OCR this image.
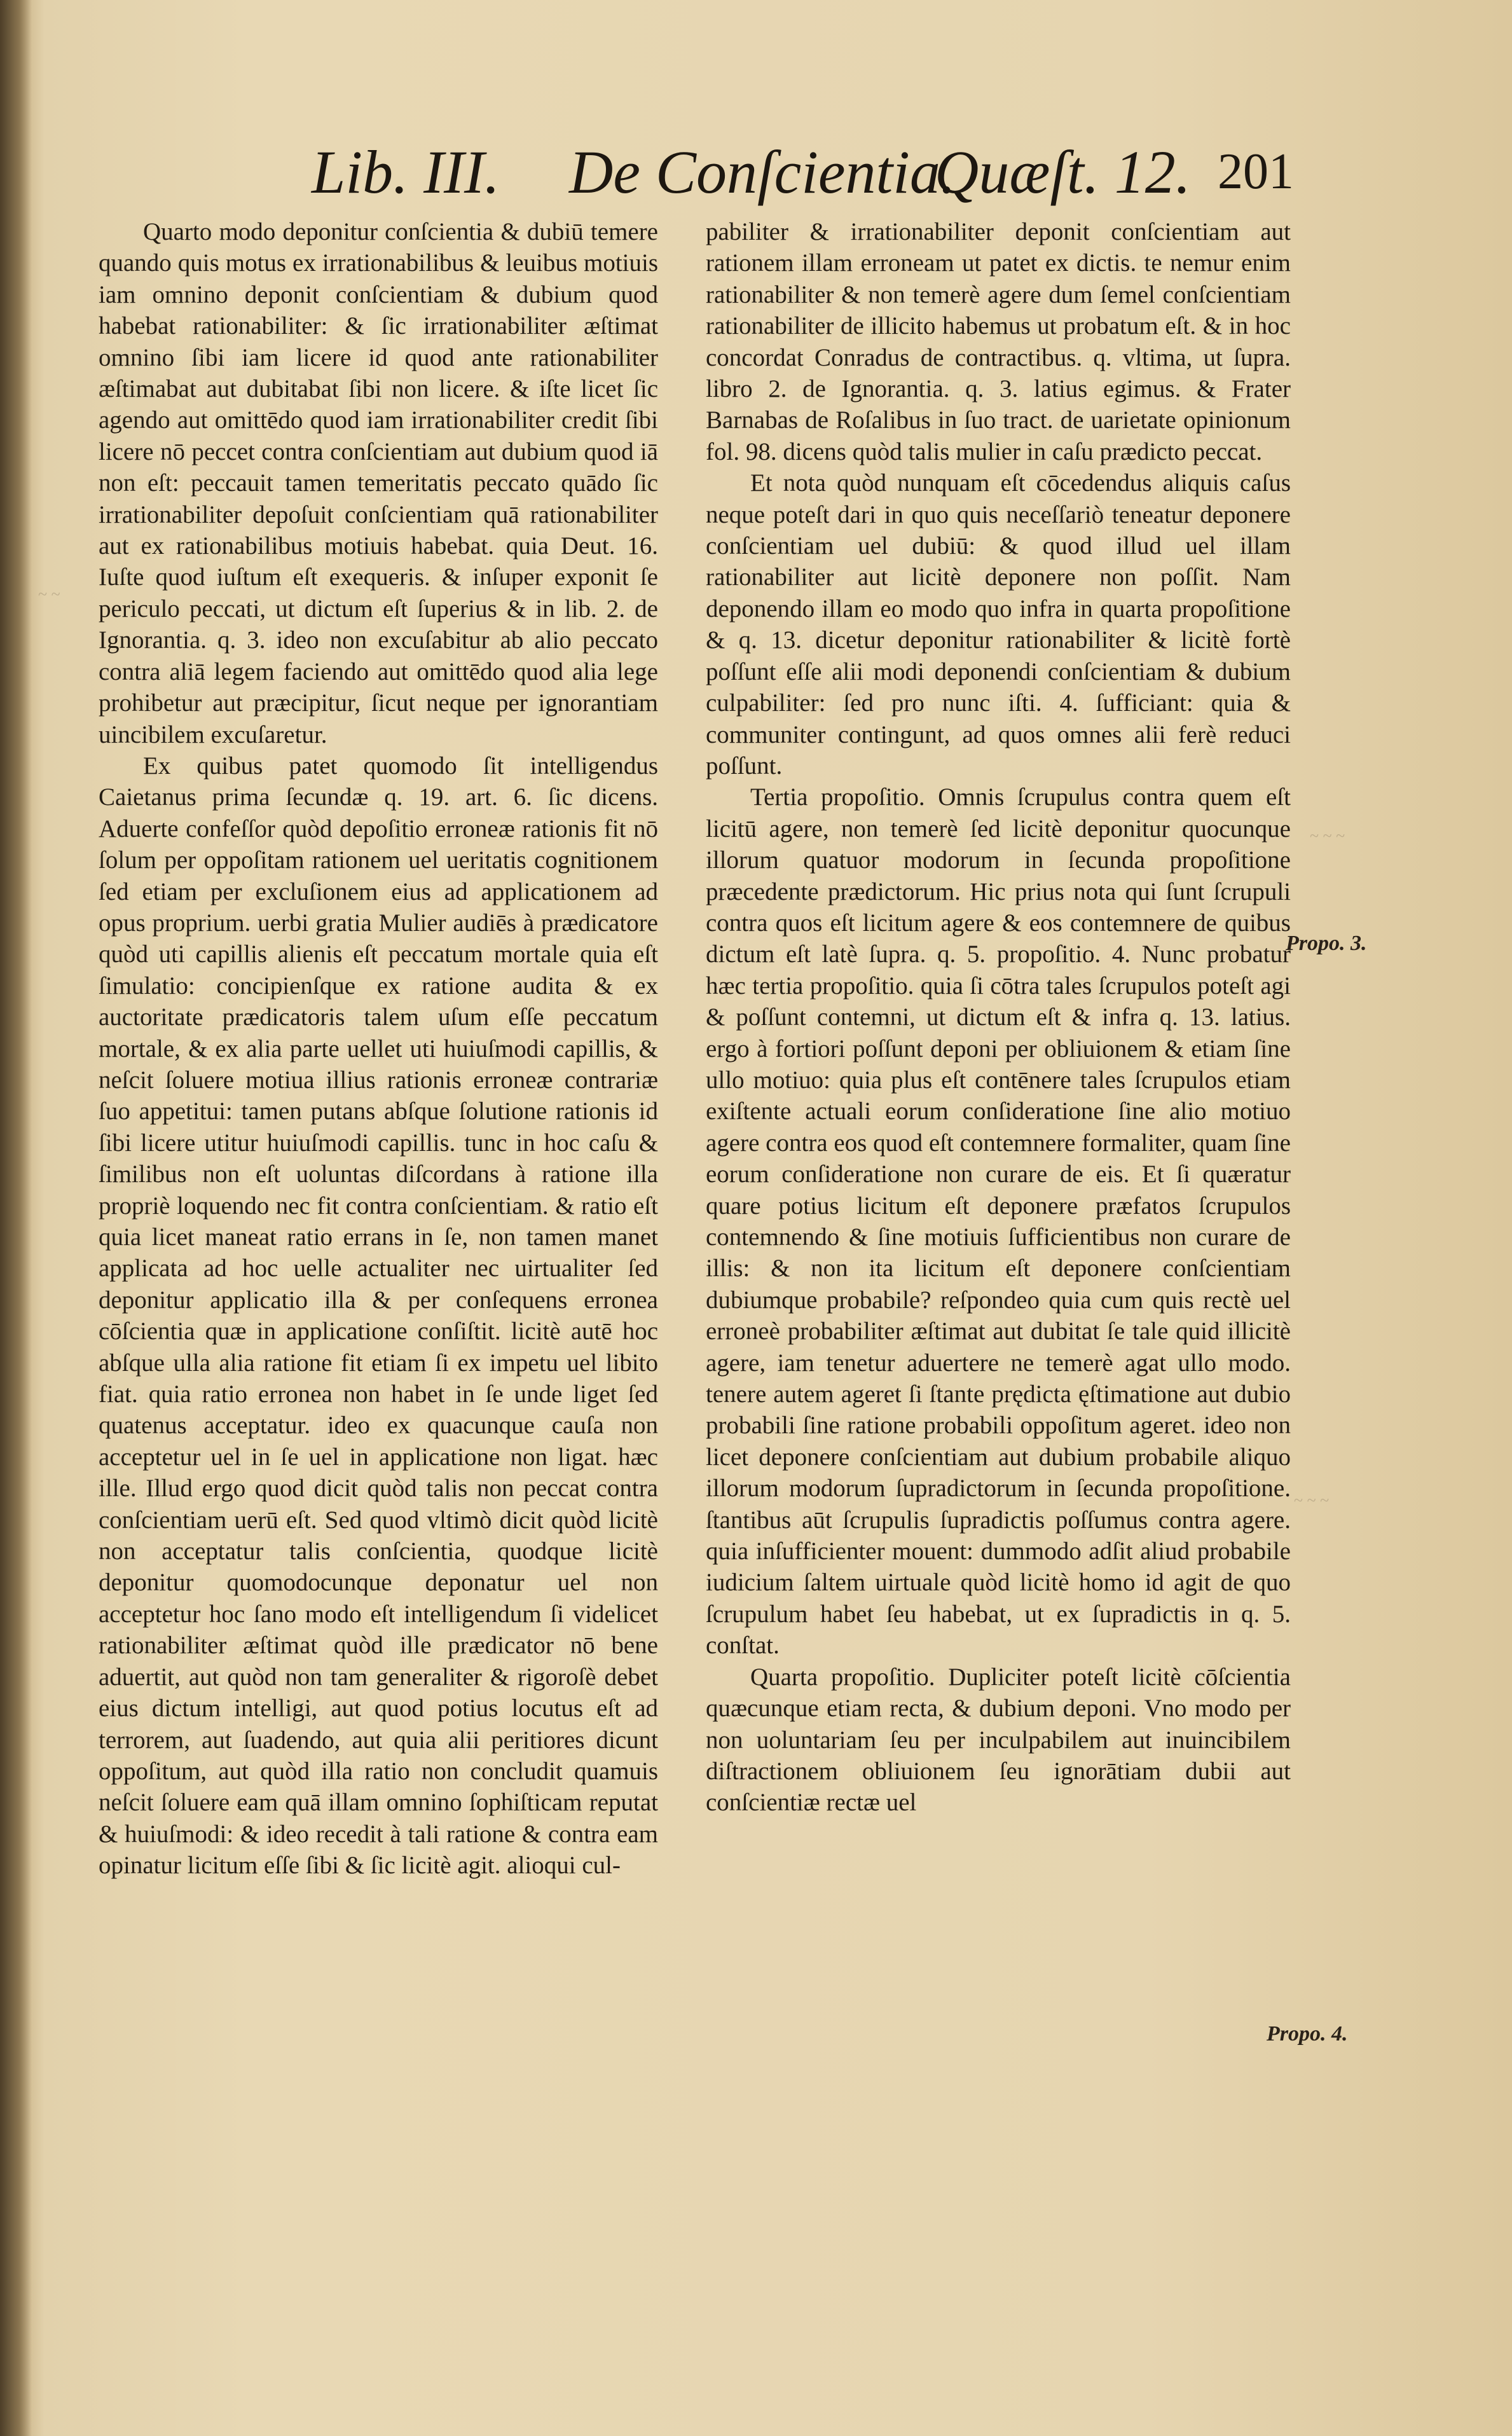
Lib. III. De Conſcientia.
Quæſt. 12. 201

Quarto modo deponitur conſcientia & dubiū temere quando quis motus ex irrationabilibus & leuibus motiuis iam omnino deponit conſcientiam & dubium quod habebat rationabiliter: & ſic irrationabiliter æſtimat omnino ſibi iam licere id quod ante rationabiliter æſtimabat aut dubitabat ſibi non licere. & iſte licet ſic agendo aut omittēdo quod iam irrationabiliter credit ſibi licere nō peccet contra conſcientiam aut dubium quod iā non eſt: peccauit tamen temeritatis peccato quādo ſic irrationabiliter depoſuit conſcientiam quā rationabiliter aut ex rationabilibus motiuis habebat. quia Deut. 16. Iuſte quod iuſtum eſt exequeris. & inſuper exponit ſe periculo peccati, ut dictum eſt ſuperius & in lib. 2. de Ignorantia. q. 3. ideo non excuſabitur ab alio peccato contra aliā legem faciendo aut omittēdo quod alia lege prohibetur aut præcipitur, ſicut neque per ignorantiam uincibilem excuſaretur.

Ex quibus patet quomodo ſit intelligendus Caietanus prima ſecundæ q. 19. art. 6. ſic dicens. Aduerte confeſſor quòd depoſitio erroneæ rationis fit nō ſolum per oppoſitam rationem uel ueritatis cognitionem ſed etiam per excluſionem eius ad applicationem ad opus proprium. uerbi gratia Mulier audiēs à prædicatore quòd uti capillis alienis eſt peccatum mortale quia eſt ſimulatio: concipienſque ex ratione audita & ex auctoritate prædicatoris talem uſum eſſe peccatum mortale, & ex alia parte uellet uti huiuſmodi capillis, & neſcit ſoluere motiua illius rationis erroneæ contrariæ ſuo appetitui: tamen putans abſque ſolutione rationis id ſibi licere utitur huiuſmodi capillis. tunc in hoc caſu & ſimilibus non eſt uoluntas diſcordans à ratione illa propriè loquendo nec fit contra conſcientiam. & ratio eſt quia licet maneat ratio errans in ſe, non tamen manet applicata ad hoc uelle actualiter nec uirtualiter ſed deponitur applicatio illa & per conſequens erronea cōſcientia quæ in applicatione conſiſtit. licitè autē hoc abſque ulla alia ratione fit etiam ſi ex impetu uel libito fiat. quia ratio erronea non habet in ſe unde liget ſed quatenus acceptatur. ideo ex quacunque cauſa non acceptetur uel in ſe uel in applicatione non ligat. hæc ille. Illud ergo quod dicit quòd talis non peccat contra conſcientiam uerū eſt. Sed quod vltimò dicit quòd licitè non acceptatur talis conſcientia, quodque licitè deponitur quomodocunque deponatur uel non acceptetur hoc ſano modo eſt intelligendum ſi videlicet rationabiliter æſtimat quòd ille prædicator nō bene aduertit, aut quòd non tam generaliter & rigoroſè debet eius dictum intelligi, aut quod potius locutus eſt ad terrorem, aut ſuadendo, aut quia alii peritiores dicunt oppoſitum, aut quòd illa ratio non concludit quamuis neſcit ſoluere eam quā illam omnino ſophiſticam reputat & huiuſmodi: & ideo recedit à tali ratione & contra eam opinatur licitum eſſe ſibi & ſic licitè agit. alioqui cul-

pabiliter & irrationabiliter deponit conſcientiam aut rationem illam erroneam ut patet ex dictis. te nemur enim rationabiliter & non temerè agere dum ſemel conſcientiam rationabiliter de illicito habemus ut probatum eſt. & in hoc concordat Conradus de contractibus. q. vltima, ut ſupra. libro 2. de Ignorantia. q. 3. latius egimus. & Frater Barnabas de Roſalibus in ſuo tract. de uarietate opinionum fol. 98. dicens quòd talis mulier in caſu prædicto peccat.

Et nota quòd nunquam eſt cōcedendus aliquis caſus neque poteſt dari in quo quis neceſſariò teneatur deponere conſcientiam uel dubiū: & quod illud uel illam rationabiliter aut licitè deponere non poſſit. Nam deponendo illam eo modo quo infra in quarta propoſitione & q. 13. dicetur deponitur rationabiliter & licitè fortè poſſunt eſſe alii modi deponendi conſcientiam & dubium culpabiliter: ſed pro nunc iſti. 4. ſufficiant: quia & communiter contingunt, ad quos omnes alii ferè reduci poſſunt.

Tertia propoſitio. Omnis ſcrupulus contra quem eſt licitū agere, non temerè ſed licitè deponitur quocunque illorum quatuor modorum in ſecunda propoſitione præcedente prædictorum. Hic prius nota qui ſunt ſcrupuli contra quos eſt licitum agere & eos contemnere de quibus dictum eſt latè ſupra. q. 5. propoſitio. 4. Nunc probatur hæc tertia propoſitio. quia ſi cōtra tales ſcrupulos poteſt agi & poſſunt contemni, ut dictum eſt & infra q. 13. latius. ergo à fortiori poſſunt deponi per obliuionem & etiam ſine ullo motiuo: quia plus eſt contēnere tales ſcrupulos etiam exiſtente actuali eorum conſideratione ſine alio motiuo agere contra eos quod eſt contemnere formaliter, quam ſine eorum conſideratione non curare de eis. Et ſi quæratur quare potius licitum eſt deponere præfatos ſcrupulos contemnendo & ſine motiuis ſufficientibus non curare de illis: & non ita licitum eſt deponere conſcientiam dubiumque probabile? reſpondeo quia cum quis rectè uel erroneè probabiliter æſtimat aut dubitat ſe tale quid illicitè agere, iam tenetur aduertere ne temerè agat ullo modo. tenere autem ageret ſi ſtante prędicta ęſtimatione aut dubio probabili ſine ratione probabili oppoſitum ageret. ideo non licet deponere conſcientiam aut dubium probabile aliquo illorum modorum ſupradictorum in ſecunda propoſitione. ſtantibus aūt ſcrupulis ſupradictis poſſumus contra agere. quia inſufficienter mouent: dummodo adſit aliud probabile iudicium ſaltem uirtuale quòd licitè homo id agit de quo ſcrupulum habet ſeu habebat, ut ex ſupradictis in q. 5. conſtat.

Quarta propoſitio. Dupliciter poteſt licitè cōſcientia quæcunque etiam recta, & dubium deponi. Vno modo per non uoluntariam ſeu per inculpabilem aut inuincibilem diſtractionem obliuionem ſeu ignorātiam dubii aut conſcientiæ rectæ uel

Propo. 3.
Propo. 4.
~ ~ ~
~ ~ ~
~ ~
